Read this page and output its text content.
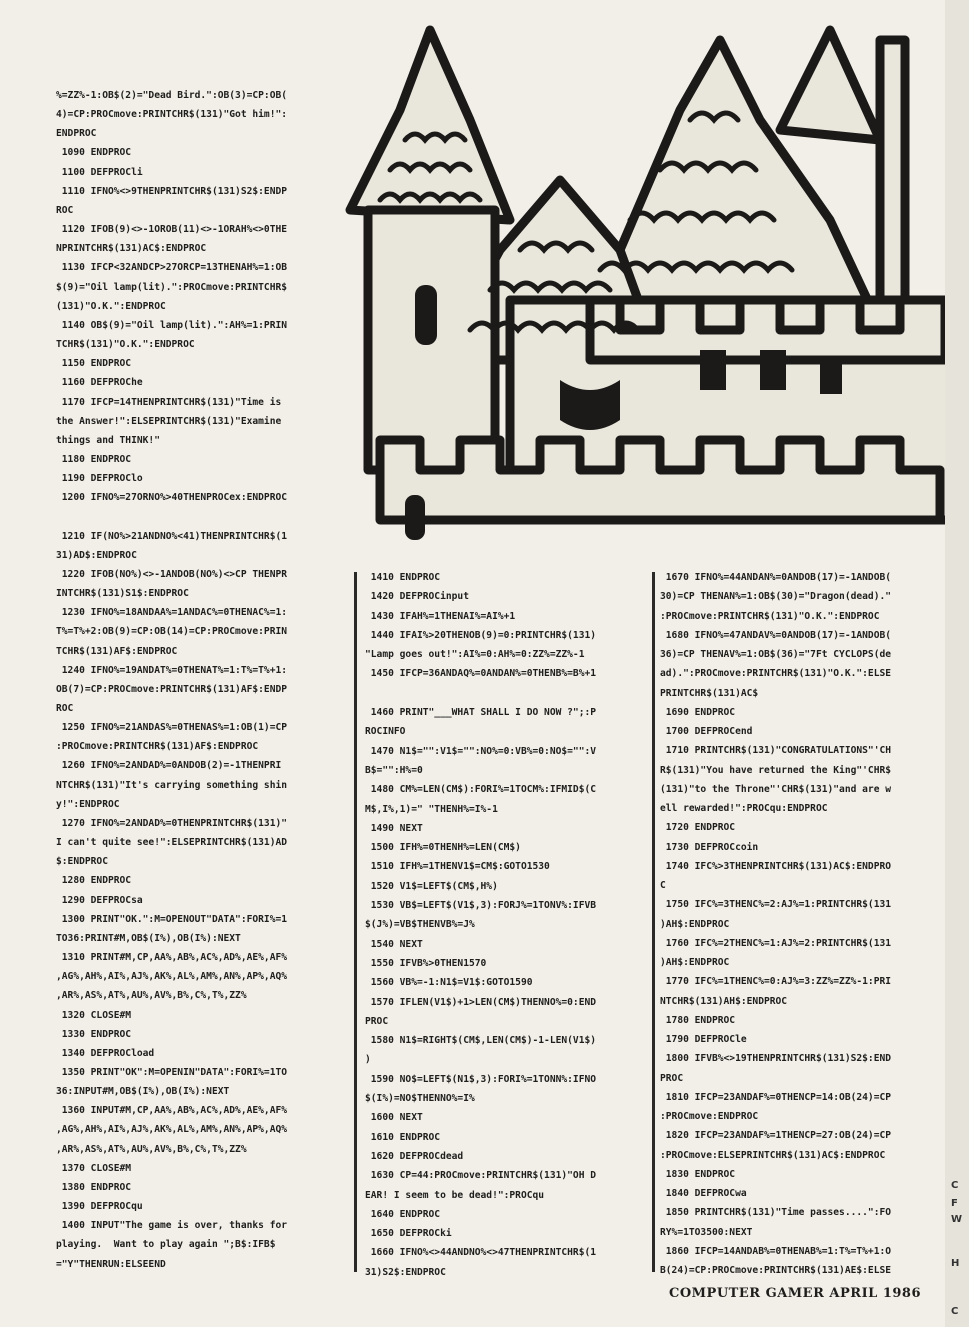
%=ZZ%-1:OB$(2)="Dead Bird.":OB(3)=CP:OB(
4)=CP:PROCmove:PRINTCHR$(131)"Got him!":
ENDPROC
1090 ENDPROC
1100 DEFPROCli
1110 IFNO%<>9THENPRINTCHR$(131)S2$:ENDP
ROC
1120 IFOB(9)<>-1OROB(11)<>-1ORAH%<>0THE
NPRINTCHR$(131)AC$:ENDPROC
1130 IFCP<32ANDCP>27ORCP=13THENAH%=1:OB
$(9)="Oil lamp(lit).":PROCmove:PRINTCHR$
(131)"O.K.":ENDPROC
1140 OB$(9)="Oil lamp(lit).":AH%=1:PRIN
TCHR$(131)"O.K.":ENDPROC
1150 ENDPROC
1160 DEFPROChe
1170 IFCP=14THENPRINTCHR$(131)"Time is
the Answer!":ELSEPRINTCHR$(131)"Examine
things and THINK!"
1180 ENDPROC
1190 DEFPROClo
1200 IFNO%=27ORNO%>40THENPROCex:ENDPROC

1210 IF(NO%>21ANDNO%<41)THENPRINTCHR$(1
31)AD$:ENDPROC
1220 IFOB(NO%)<>-1ANDOB(NO%)<>CP THENPR
INTCHR$(131)S1$:ENDPROC
1230 IFNO%=18ANDAA%=1ANDAC%=0THENAC%=1:
T%=T%+2:OB(9)=CP:OB(14)=CP:PROCmove:PRIN
TCHR$(131)AF$:ENDPROC
1240 IFNO%=19ANDAT%=0THENAT%=1:T%=T%+1:
OB(7)=CP:PROCmove:PRINTCHR$(131)AF$:ENDP
ROC
1250 IFNO%=21ANDAS%=0THENAS%=1:OB(1)=CP
:PROCmove:PRINTCHR$(131)AF$:ENDPROC
1260 IFNO%=2ANDAD%=0ANDOB(2)=-1THENPRI
NTCHR$(131)"It's carrying something shin
y!":ENDPROC
1270 IFNO%=2ANDAD%=0THENPRINTCHR$(131)"
I can't quite see!":ELSEPRINTCHR$(131)AD
$:ENDPROC
1280 ENDPROC
1290 DEFPROCsa
1300 PRINT"OK.":M=OPENOUT"DATA":FORI%=1
TO36:PRINT#M,OB$(I%),OB(I%):NEXT
1310 PRINT#M,CP,AA%,AB%,AC%,AD%,AE%,AF%
,AG%,AH%,AI%,AJ%,AK%,AL%,AM%,AN%,AP%,AQ%
,AR%,AS%,AT%,AU%,AV%,B%,C%,T%,ZZ%
1320 CLOSE#M
1330 ENDPROC
1340 DEFPROCload
1350 PRINT"OK":M=OPENIN"DATA":FORI%=1TO
36:INPUT#M,OB$(I%),OB(I%):NEXT
1360 INPUT#M,CP,AA%,AB%,AC%,AD%,AE%,AF%
,AG%,AH%,AI%,AJ%,AK%,AL%,AM%,AN%,AP%,AQ%
,AR%,AS%,AT%,AU%,AV%,B%,C%,T%,ZZ%
1370 CLOSE#M
1380 ENDPROC
1390 DEFPROCqu
1400 INPUT"The game is over, thanks for
playing.  Want to play again ";B$:IFB$
="Y"THENRUN:ELSEEND
1410 ENDPROC
1420 DEFPROCinput
1430 IFAH%=1THENAI%=AI%+1
1440 IFAI%>20THENOB(9)=0:PRINTCHR$(131)
"Lamp goes out!":AI%=0:AH%=0:ZZ%=ZZ%-1
1450 IFCP=36ANDAQ%=0ANDAN%=0THENB%=B%+1

1460 PRINT"___WHAT SHALL I DO NOW ?";:P
ROCINFO
1470 N1$="":V1$="":NO%=0:VB%=0:NO$="":V
B$="":H%=0
1480 CM%=LEN(CM$):FORI%=1TOCM%:IFMID$(C
M$,I%,1)=" "THENH%=I%-1
1490 NEXT
1500 IFH%=0THENH%=LEN(CM$)
1510 IFH%=1THENV1$=CM$:GOTO1530
1520 V1$=LEFT$(CM$,H%)
1530 VB$=LEFT$(V1$,3):FORJ%=1TONV%:IFVB
$(J%)=VB$THENVB%=J%
1540 NEXT
1550 IFVB%>0THEN1570
1560 VB%=-1:N1$=V1$:GOTO1590
1570 IFLEN(V1$)+1>LEN(CM$)THENNO%=0:END
PROC
1580 N1$=RIGHT$(CM$,LEN(CM$)-1-LEN(V1$)
)
1590 NO$=LEFT$(N1$,3):FORI%=1TONN%:IFNO
$(I%)=NO$THENNO%=I%
1600 NEXT
1610 ENDPROC
1620 DEFPROCdead
1630 CP=44:PROCmove:PRINTCHR$(131)"OH D
EAR! I seem to be dead!":PROCqu
1640 ENDPROC
1650 DEFPROCki
1660 IFNO%<>44ANDNO%<>47THENPRINTCHR$(1
31)S2$:ENDPROC
1670 IFNO%=44ANDAN%=0ANDOB(17)=-1ANDOB(
30)=CP THENAN%=1:OB$(30)="Dragon(dead)."
:PROCmove:PRINTCHR$(131)"O.K.":ENDPROC
1680 IFNO%=47ANDAV%=0ANDOB(17)=-1ANDOB(
36)=CP THENAV%=1:OB$(36)="7Ft CYCLOPS(de
ad).":PROCmove:PRINTCHR$(131)"O.K.":ELSE
PRINTCHR$(131)AC$
1690 ENDPROC
1700 DEFPROCend
1710 PRINTCHR$(131)"CONGRATULATIONS"'CH
R$(131)"You have returned the King"'CHR$
(131)"to the Throne"'CHR$(131)"and are w
ell rewarded!":PROCqu:ENDPROC
1720 ENDPROC
1730 DEFPROCcoin
1740 IFC%>3THENPRINTCHR$(131)AC$:ENDPRO
C
1750 IFC%=3THENC%=2:AJ%=1:PRINTCHR$(131
)AH$:ENDPROC
1760 IFC%=2THENC%=1:AJ%=2:PRINTCHR$(131
)AH$:ENDPROC
1770 IFC%=1THENC%=0:AJ%=3:ZZ%=ZZ%-1:PRI
NTCHR$(131)AH$:ENDPROC
1780 ENDPROC
1790 DEFPROCle
1800 IFVB%<>19THENPRINTCHR$(131)S2$:END
PROC
1810 IFCP=23ANDAF%=0THENCP=14:OB(24)=CP
:PROCmove:ENDPROC
1820 IFCP=23ANDAF%=1THENCP=27:OB(24)=CP
:PROCmove:ELSEPRINTCHR$(131)AC$:ENDPROC
1830 ENDPROC
1840 DEFPROCwa
1850 PRINTCHR$(131)"Time passes....":FO
RY%=1TO3500:NEXT
1860 IFCP=14ANDAB%=0THENAB%=1:T%=T%+1:O
B(24)=CP:PROCmove:PRINTCHR$(131)AE$:ELSE
C
F
W
H
C

COMPUTER GAMER APRIL 1986
